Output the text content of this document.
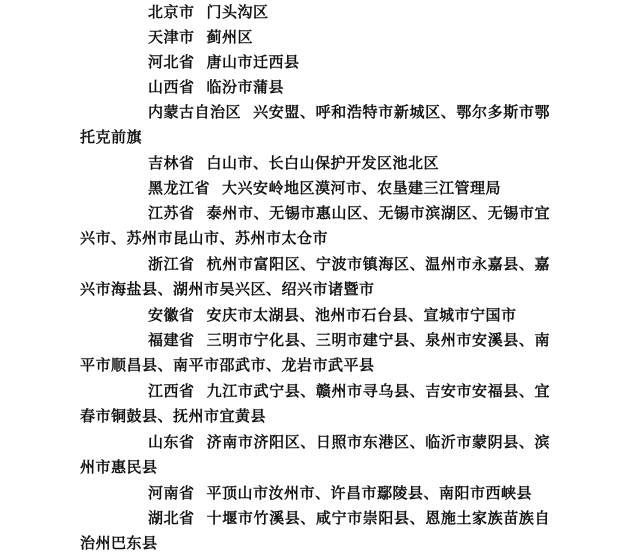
北京市 门头沟区

天津市 蓟州区

河北省 唐山市迁西县

山西省 临汾市蒲县

内蒙古自治区 兴安盟、呼和浩特市新城区、鄂尔多斯市鄂托克前旗

吉林省 白山市、长白山保护开发区池北区

黑龙江省 大兴安岭地区漠河市、农垦建三江管理局

江苏省 泰州市、无锡市惠山区、无锡市滨湖区、无锡市宜兴市、苏州市昆山市、苏州市太仓市

浙江省 杭州市富阳区、宁波市镇海区、温州市永嘉县、嘉兴市海盐县、湖州市吴兴区、绍兴市诸暨市

安徽省 安庆市太湖县、池州市石台县、宣城市宁国市

福建省 三明市宁化县、三明市建宁县、泉州市安溪县、南平市顺昌县、南平市邵武市、龙岩市武平县

江西省 九江市武宁县、赣州市寻乌县、吉安市安福县、宜春市铜鼓县、抚州市宜黄县

山东省 济南市济阳区、日照市东港区、临沂市蒙阴县、滨州市惠民县

河南省 平顶山市汝州市、许昌市鄢陵县、南阳市西峡县

湖北省 十堰市竹溪县、咸宁市崇阳县、恩施土家族苗族自治州巴东县
